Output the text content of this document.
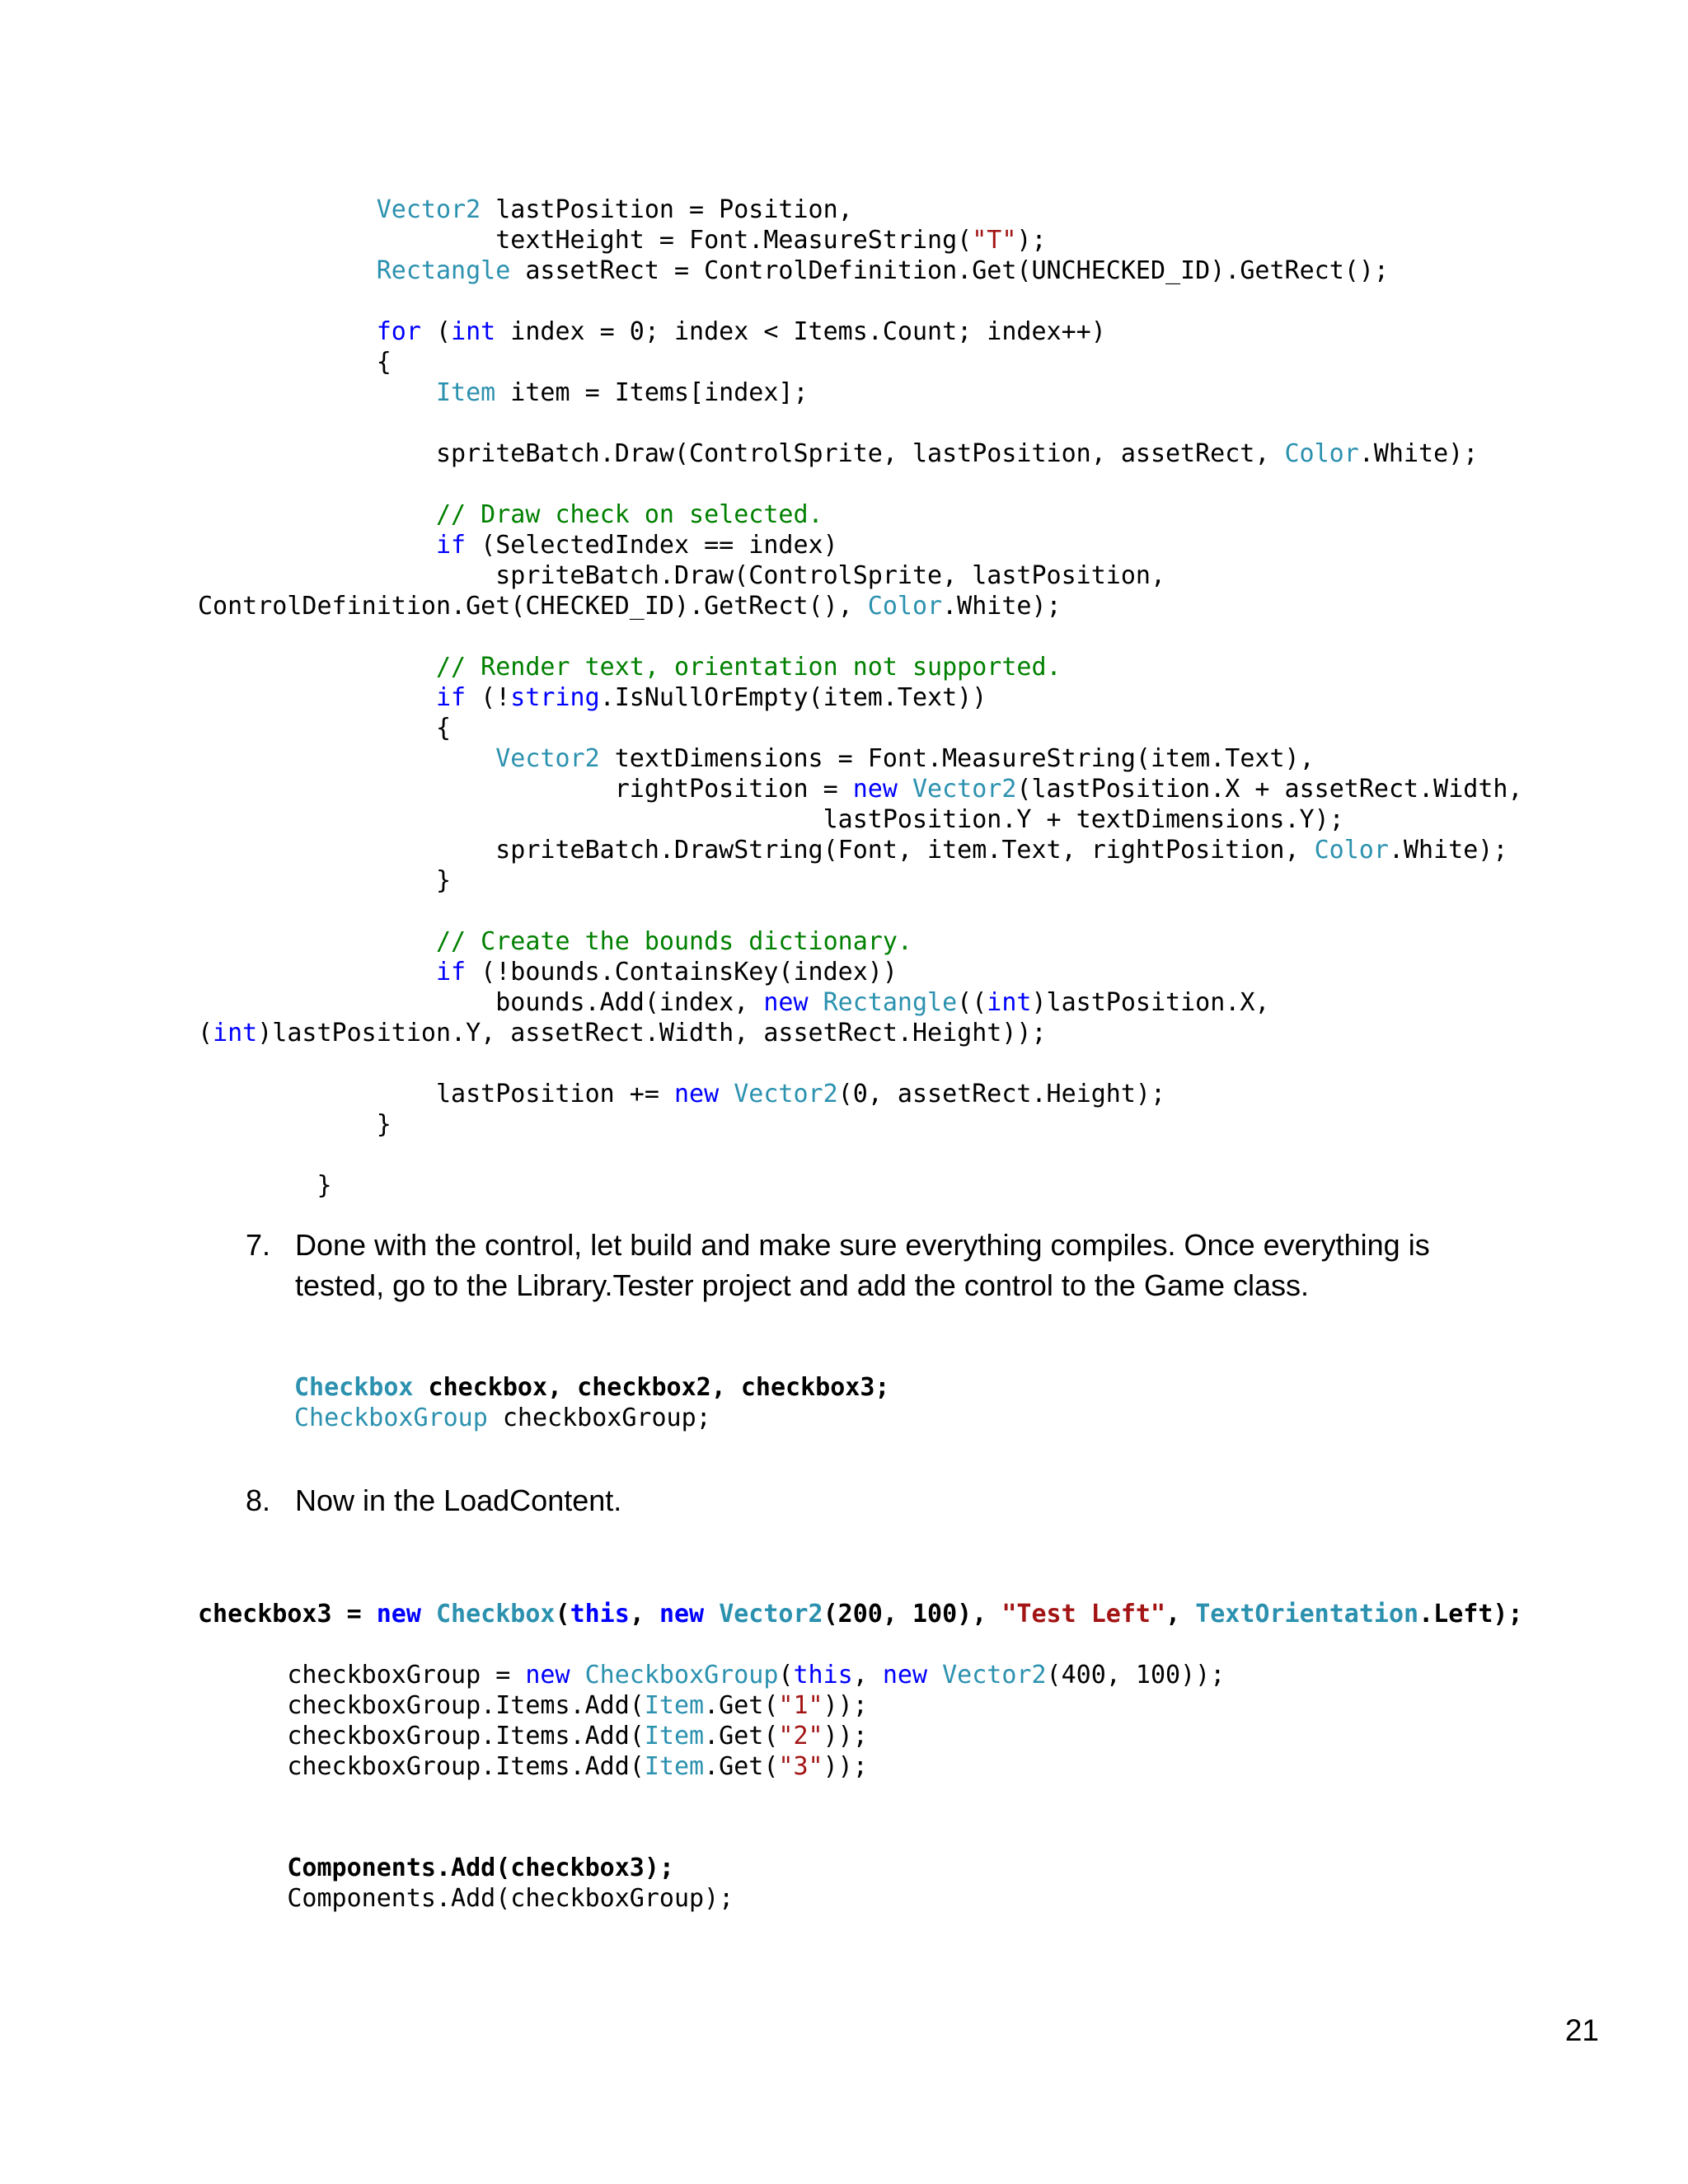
Vector2 lastPosition = Position,
textHeight = Font.MeasureString("T");
Rectangle assetRect = ControlDefinition.Get(UNCHECKED_ID).GetRect();
for (int index = 0; index < Items.Count; index++)
{
Item item = Items[index];
spriteBatch.Draw(ControlSprite, lastPosition, assetRect, Color.White);
// Draw check on selected.
if (SelectedIndex == index)
spriteBatch.Draw(ControlSprite, lastPosition,
ControlDefinition.Get(CHECKED_ID).GetRect(), Color.White);
// Render text, orientation not supported.
if (!string.IsNullOrEmpty(item.Text))
{
Vector2 textDimensions = Font.MeasureString(item.Text),
rightPosition = new Vector2(lastPosition.X + assetRect.Width,
lastPosition.Y + textDimensions.Y);
spriteBatch.DrawString(Font, item.Text, rightPosition, Color.White);
}
// Create the bounds dictionary.
if (!bounds.ContainsKey(index))
bounds.Add(index, new Rectangle((int)lastPosition.X,
(int)lastPosition.Y, assetRect.Width, assetRect.Height));
lastPosition += new Vector2(0, assetRect.Height);
}
}
7. Done with the control, let build and make sure everything compiles. Once everything is tested, go to the Library.Tester project and add the control to the Game class.
Checkbox checkbox, checkbox2, checkbox3;
CheckboxGroup checkboxGroup;
8. Now in the LoadContent.
checkbox3 = new Checkbox(this, new Vector2(200, 100), "Test Left", TextOrientation.Left);
checkboxGroup = new CheckboxGroup(this, new Vector2(400, 100));
checkboxGroup.Items.Add(Item.Get("1"));
checkboxGroup.Items.Add(Item.Get("2"));
checkboxGroup.Items.Add(Item.Get("3"));
Components.Add(checkbox3);
Components.Add(checkboxGroup);
21
